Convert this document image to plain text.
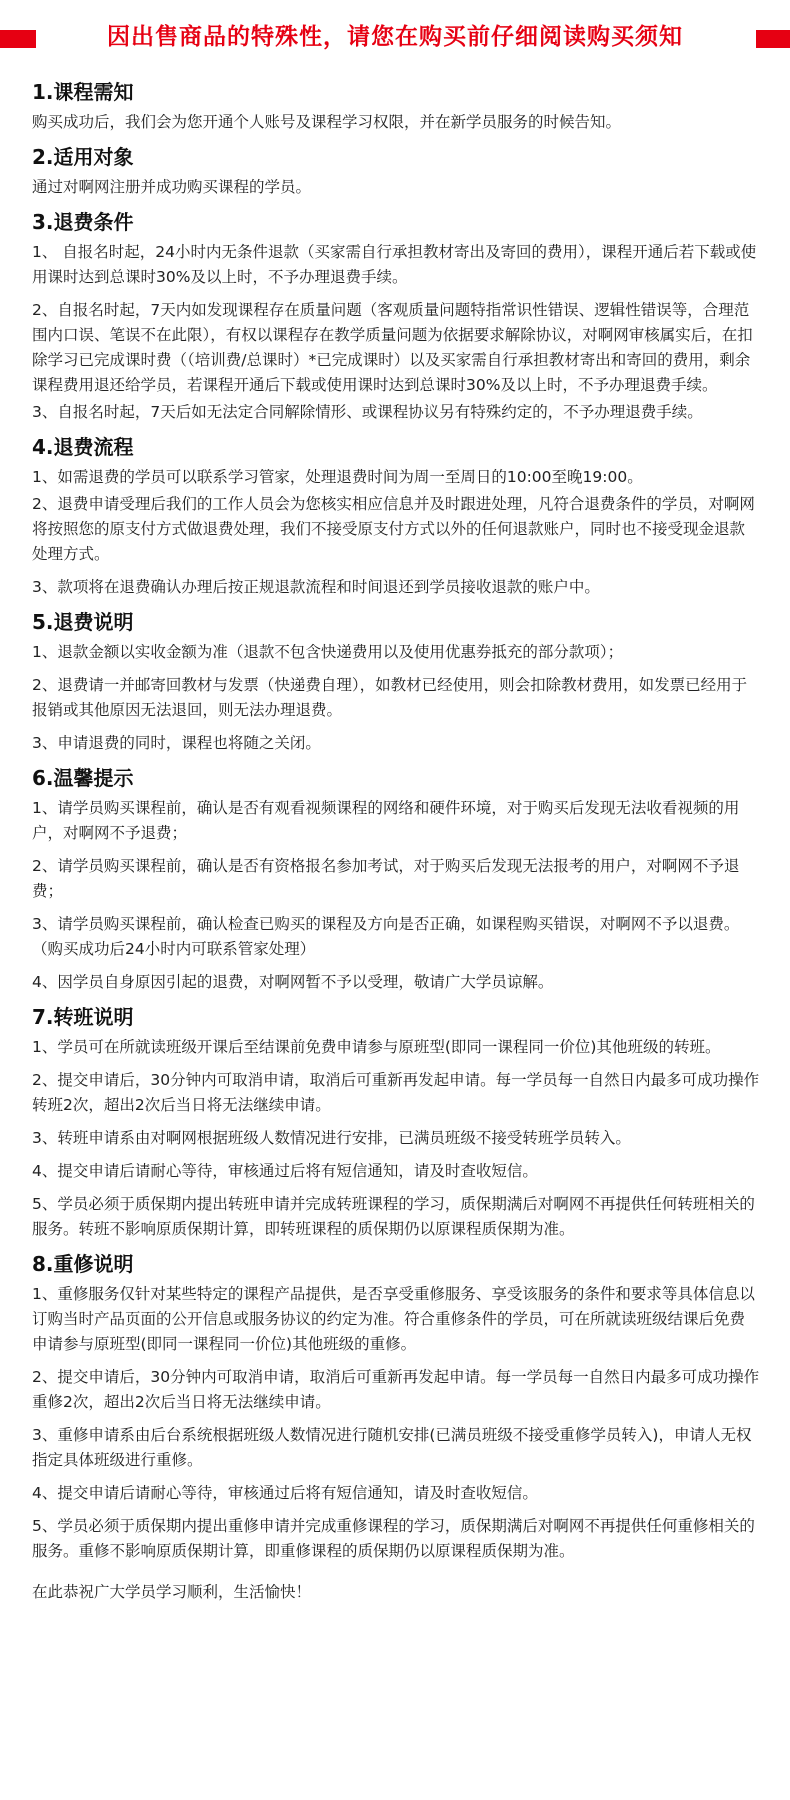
因出售商品的特殊性，请您在购买前仔细阅读购买须知
1.课程需知
购买成功后，我们会为您开通个人账号及课程学习权限，并在新学员服务的时候告知。
2.适用对象
通过对啊网注册并成功购买课程的学员。
3.退费条件
1、 自报名时起，24小时内无条件退款（买家需自行承担教材寄出及寄回的费用），课程开通后若下载或使用课时达到总课时30%及以上时，不予办理退费手续。
2、自报名时起，7天内如发现课程存在质量问题（客观质量问题特指常识性错误、逻辑性错误等，合理范围内口误、笔误不在此限），有权以课程存在教学质量问题为依据要求解除协议，对啊网审核属实后，在扣除学习已完成课时费（（培训费/总课时）*已完成课时）以及买家需自行承担教材寄出和寄回的费用，剩余课程费用退还给学员，若课程开通后下载或使用课时达到总课时30%及以上时，不予办理退费手续。
3、自报名时起，7天后如无法定合同解除情形、或课程协议另有特殊约定的，不予办理退费手续。
4.退费流程
1、如需退费的学员可以联系学习管家，处理退费时间为周一至周日的10:00至晚19:00。
2、退费申请受理后我们的工作人员会为您核实相应信息并及时跟进处理，凡符合退费条件的学员，对啊网将按照您的原支付方式做退费处理，我们不接受原支付方式以外的任何退款账户，同时也不接受现金退款处理方式。
3、款项将在退费确认办理后按正规退款流程和时间退还到学员接收退款的账户中。
5.退费说明
1、退款金额以实收金额为准（退款不包含快递费用以及使用优惠券抵充的部分款项）；
2、退费请一并邮寄回教材与发票（快递费自理），如教材已经使用，则会扣除教材费用，如发票已经用于报销或其他原因无法退回，则无法办理退费。
3、申请退费的同时，课程也将随之关闭。
6.温馨提示
1、请学员购买课程前，确认是否有观看视频课程的网络和硬件环境，对于购买后发现无法收看视频的用户，对啊网不予退费；
2、请学员购买课程前，确认是否有资格报名参加考试，对于购买后发现无法报考的用户，对啊网不予退费；
3、请学员购买课程前，确认检查已购买的课程及方向是否正确，如课程购买错误，对啊网不予以退费。（购买成功后24小时内可联系管家处理）
4、因学员自身原因引起的退费，对啊网暂不予以受理，敬请广大学员谅解。
7.转班说明
1、学员可在所就读班级开课后至结课前免费申请参与原班型(即同一课程同一价位)其他班级的转班。
2、提交申请后，30分钟内可取消申请，取消后可重新再发起申请。每一学员每一自然日内最多可成功操作转班2次，超出2次后当日将无法继续申请。
3、转班申请系由对啊网根据班级人数情况进行安排，已满员班级不接受转班学员转入。
4、提交申请后请耐心等待，审核通过后将有短信通知，请及时查收短信。
5、学员必须于质保期内提出转班申请并完成转班课程的学习，质保期满后对啊网不再提供任何转班相关的服务。转班不影响原质保期计算，即转班课程的质保期仍以原课程质保期为准。
8.重修说明
1、重修服务仅针对某些特定的课程产品提供，是否享受重修服务、享受该服务的条件和要求等具体信息以订购当时产品页面的公开信息或服务协议的约定为准。符合重修条件的学员，可在所就读班级结课后免费申请参与原班型(即同一课程同一价位)其他班级的重修。
2、提交申请后，30分钟内可取消申请，取消后可重新再发起申请。每一学员每一自然日内最多可成功操作重修2次，超出2次后当日将无法继续申请。
3、重修申请系由后台系统根据班级人数情况进行随机安排(已满员班级不接受重修学员转入)，申请人无权指定具体班级进行重修。
4、提交申请后请耐心等待，审核通过后将有短信通知，请及时查收短信。
5、学员必须于质保期内提出重修申请并完成重修课程的学习，质保期满后对啊网不再提供任何重修相关的服务。重修不影响原质保期计算，即重修课程的质保期仍以原课程质保期为准。
在此恭祝广大学员学习顺利，生活愉快！
